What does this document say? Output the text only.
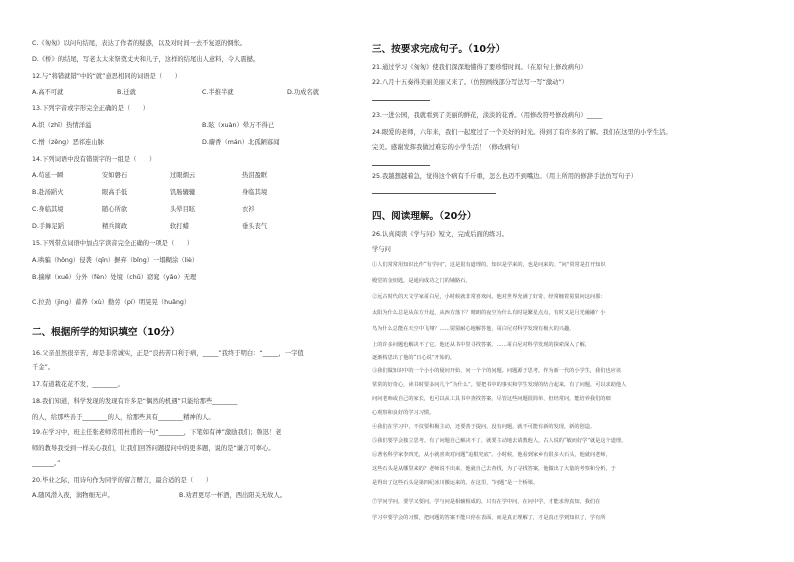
C.《匆匆》以问句结尾，表达了作者的疑惑，以及对时间一去不复返的惆怅。
D.《桥》的结尾，写老太太来祭奠丈夫和儿子，这样的结尾出人意料，令人震撼。
12.与“将错就错”中的“就”意思相同的词语是（　　）
A.高不可就	B.迁就	C.半推半就	D.功成名就
13.下列字音或字形完全正确的是（　　）
A.织（zhī）热情洋溢	B.眩（xuàn）晕万不得已
C.憎（zēng）恶祁连山脉	D.麝香（mán）北孤陋寡闻
14.下列词语中没有错别字的一组是（　　）
A.苟延一瞬	安如磐石	过眼烟云	热泪盈眶
B.赴汤蹈火	眼高手低	饥肠辘辘	身临其境
C.身临其境	随心所欲	头晕目眩	衣衫
D.手舞足蹈	精兵简政	软打蜡	垂头丧气
15.下列带点词语中加点字读音完全正确的一项是（　　）
A.哄骗（hǒng）侵袭（qīn）摒弃（bǐng）一塌糊涂（liè）
B.揣摩（xuē）分外（fèn）处境（chǔ）窈窕（yǎo）无理
C.拉劲（jìng）蓄养（xù）勤劳（pí）明晃晃（huǎng）
二、根据所学的知识填空（10分）
16.父亲虽然很辛苦，却是非常诚实，正是“良药苦口利于病，_____”我终于明白：“_____，一字值
千金”。
17.有道栽花花不发，________。
18.我们知道，科学发现的发现有许多是“偶然的机遇”只能给那些________
的人，给那些善于________的人，给那些具有________精神的人。
19.在学习中，班主任张老师常用杜甫的一句“________，下笔如有神”激励我们；鲁迅！老
师的教导我受到一样关心我们，让我们回答问题提问中的更多题，说的是“谦言可辜心。
_______。”
20.毕业之际，用诗句作为同学的留言赠言，最合适的是（　　）
A.随风潜入夜，润物细无声。	B.劝君更尽一杯酒，西出阳关无故人。
三、按要求完成句子。（10分）
21.通过学习《匆匆》使我们深深地懂得了要珍惜时间。（在原句上修改病句）
22.八月十五奏得美丽美丽又来了。（仿照画线部分写法写一写“激动”）
23.一进公园，我就看到了美丽的鲜花，淡淡的花香。（用修改符号修改病句）_____
24.眼爱的老师，六年来，我们一起度过了一个美好的时光。得到了有许多的了解。我们在这里的小学生活。
完美。感谢发挥我做过难忘的小学生活！（修改病句）
25.我越想越着急，觉得这个病有千斤重，怎么也迈不到嘴边。（用上所用的修辞手法仿写句子）
四、阅读理解。（20分）
26.认真阅读《学与问》短文，完成后面的练习。
学与问
①人们常常用知识比作“有学问”，这是很有道理的。知识是学来的，也是问来的。“问”常常是打开知识
殿堂的金钥匙，是通向成功之门的铺路石。
②远古时代的天文学家哥白尼，小时候就非常喜欢问。他对世界充满了好奇，经常缠着舅舅问这问那：
太阳为什么总是从东方升起，从西方落下？晴朗的夜空为什么有时是繁星点点，有时又是月光融融？小
鸟为什么总能在天空中飞翔？……舅舅耐心地解答他，哥白尼对科学发现有极大的兴趣。
上的许多问题也解决不了它，他还从书中里寻找答案。……哥白尼对科学发现的探索深入了解，
逐渐构思出了他的“日心说”开始的。
③我们做知识中的一个小小的疑问开始，问一个个的问题。问题源于思考，作为新一代的小学生，我们也应该
常常的好奇心，读书时要多问几个“为什么”。要把书中的事实和学生发现的结合起来，有了问题，可以求助他人
问问老师或自己的家长，也可以从工具书中查找答案。尽管这些问题很简单，但经常问，能培养我们的细
心观察和良好的学习习惯。
④我们在学习中，不仅要积极主动，还要善于提问，没有问题，就不可能有新的发现，新的创造。
⑤我们要学会独立思考。有了问题自己解决不了，就要主动地去请教他人。古人说的“敏而好学”就是这个道理。
⑥著名科学家李四光，从小就喜欢对问题“追根究底”。小时候，他看到家乡有很多大石头，他就问老师，
这些石头是从哪里来的？老师说不出来，他就自己去查找，为了寻找答案，他做出了大量的考察和分析，于
是得出了这些石头是第四纪冰川搬运来的。在这里，“问题”是一个桥梁。
⑦学问学问，要学又要问。学与问是相辅相成的，只有在学中问，在问中学，才能求得真知，我们在
学习中要学会的习惯，把问题的答案不能只停在表面，而是真正理解了，才是真正学到知识了，学有所
